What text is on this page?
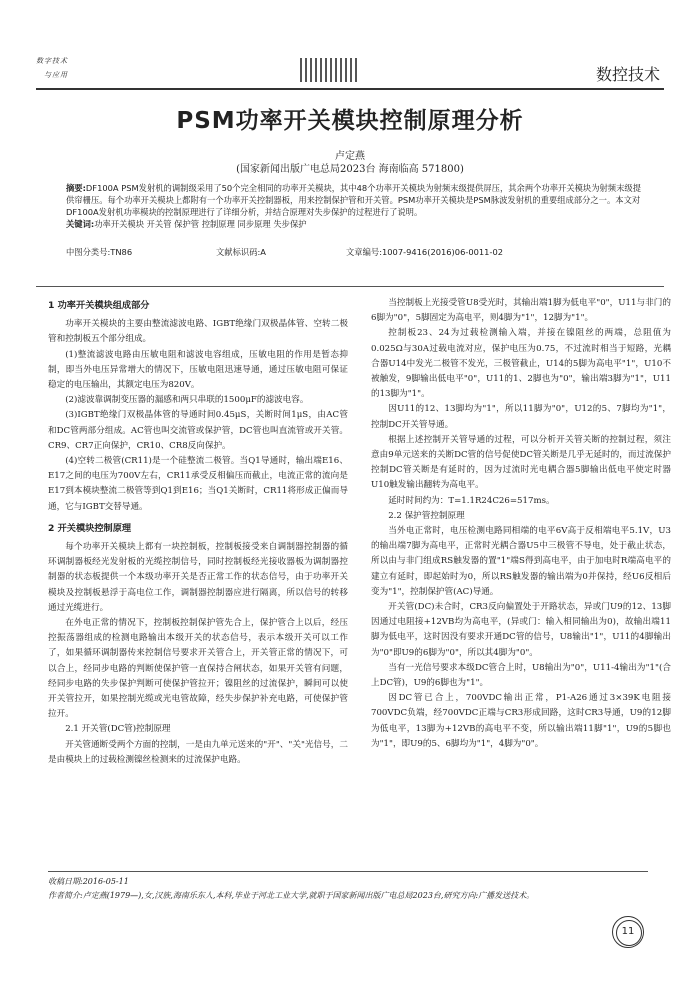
数字技术
与应用	数控技术
PSM功率开关模块控制原理分析
卢定燕
(国家新闻出版广电总局2023台 海南临高 571800)
摘要:DF100A PSM发射机的调制级采用了50个完全相同的功率开关模块，其中48个功率开关模块为射频末级提供屏压，其余两个功率开关模块为射频末级提供帘栅压。每个功率开关模块上都附有一个功率开关控制器板，用来控制保护管和开关管。PSM功率开关模块是PSM脉波发射机的重要组成部分之一。本文对DF100A发射机功率模块的控制原理进行了详细分析，并结合原理对失步保护的过程进行了说明。
关键词:功率开关模块 开关管 保护管 控制原理 同步原理 失步保护
中图分类号:TN86	文献标识码:A	文章编号:1007-9416(2016)06-0011-02
1 功率开关模块组成部分

功率开关模块的主要由整流滤波电路、IGBT绝缘门双极晶体管、空转二极管和控制板五个部分组成。

(1)整流滤波电路由压敏电阻和滤波电容组成，压敏电阻的作用是暂态抑制，即当外电压异常增大的情况下，压敏电阻迅速导通，通过压敏电阻可保证稳定的电压输出，其额定电压为820V。

(2)滤波靠调制变压器的漏感和两只串联的1500μF的滤波电容。

(3)IGBT绝缘门双极晶体管的导通时间0.45μS，关断时间1μS，由AC管和DC管两部分组成。AC管也叫交流管或保护管，DC管也叫直流管或开关管。CR9、CR7正向保护，CR10、CR8反向保护。

(4)空转二极管(CR11)是一个硅整流二极管。当Q1导通时，输出端E16、E17之间的电压为700V左右，CR11承受反相偏压而截止，电流正常的流向是E17到本模块整流二极管等到Q1到E16；当Q1关断时，CR11将形成正偏而导通，它与IGBT交替导通。

2 开关模块控制原理

每个功率开关模块上都有一块控制板，控制板接受来自调制器控制器的循环调制器板经光发射板的光缆控制信号，同时控制板经光接收器板为调制器控制器的状态板提供一个本级功率开关是否正常工作的状态信号，由于功率开关模块及控制板悬浮于高电位工作，调制器控制器应进行隔离，所以信号的转移通过光缆进行。

在外电正常的情况下，控制板控制保护管先合上，保护管合上以后，经压控振荡器组成的检测电路输出本级开关的状态信号，表示本级开关可以工作了，如果循环调制器传来控制信号要求开关管合上，开关管正常的情况下，可以合上，经同步电路的判断使保护管一直保持合闸状态，如果开关管有问题，经同步电路的失步保护判断可使保护管拉开；镍阻丝的过流保护，瞬间可以使开关管拉开，如果控制光缆或光电管故障，经失步保护补充电路，可使保护管拉开。

2.1 开关管(DC管)控制原理

开关管通断受两个方面的控制，一是由九单元送来的"开"、"关"光信号，二是由模块上的过载检测镍丝检测来的过流保护电路。

当控制板上光接受管U8受光时，其输出端1脚为低电平"0"，U11与非门的6脚为"0"，5脚固定为高电平，则4脚为"1"，12脚为"1"。

控制板23、24为过载检测输入端，并接在镍阻丝的两端，总阻值为0.025Ω与30A过载电流对应，保护电压为0.75，不过流时相当于短路，光耦合器U14中发光二极管不发光，三极管截止，U14的5脚为高电平"1"，U10不被触发，9脚输出低电平"0"，U11的1、2脚也为"0"，输出端3脚为"1"，U11的13脚为"1"。

因U11的12、13脚均为"1"，所以11脚为"0"，U12的5、7脚均为"1"，控制DC开关管导通。

根据上述控制开关管导通的过程，可以分析开关管关断的控制过程，须注意由9单元送来的关断DC管的信号促使DC管关断是几乎无延时的，而过流保护控制DC管关断是有延时的，因为过流时光电耦合器5脚输出低电平使定时器U10触发输出翻转为高电平。

延时时间约为：T=1.1R24C26=517ms。

2.2 保护管控制原理

当外电正常时，电压检测电路同相端的电平6V高于反相端电平5.1V，U3的输出端7脚为高电平，正常时光耦合器U5中三极管不导电，处于截止状态，所以由与非门组成RS触发器的置"1"端S得到高电平，由于加电时R端高电平的建立有延时，即起始时为0，所以RS触发器的输出端为0并保持，经U6反相后变为"1"，控制保护管(AC)导通。

开关管(DC)未合时，CR3反向偏置处于开路状态，异或门U9的12、13脚因通过电阻接+12VB均为高电平，(异或门：输入相同输出为0)，故输出端11脚为低电平，这时因没有要求开通DC管的信号，U8输出"1"，U11的4脚输出为"0"即U9的6脚为"0"，所以其4脚为"0"。

当有一光信号要求本级DC管合上时，U8输出为"0"，U11-4输出为"1"(合上DC管)，U9的6脚也为"1"。

因DC管已合上，700VDC输出正常，P1-A26通过3×39K电阻接700VDC负端，经700VDC正端与CR3形成回路，这时CR3导通，U9的12脚为低电平，13脚为+12VB的高电平不变，所以输出端11脚"1"，U9的5脚也为"1"，即U9的5、6脚均为"1"，4脚为"0"。

收稿日期:2016-05-11
作者简介:卢定燕(1979—),女,汉族,海南乐东人,本科,毕业于河北工业大学,就职于国家新闻出版广电总局2023台,研究方向:广播发送技术。
11
